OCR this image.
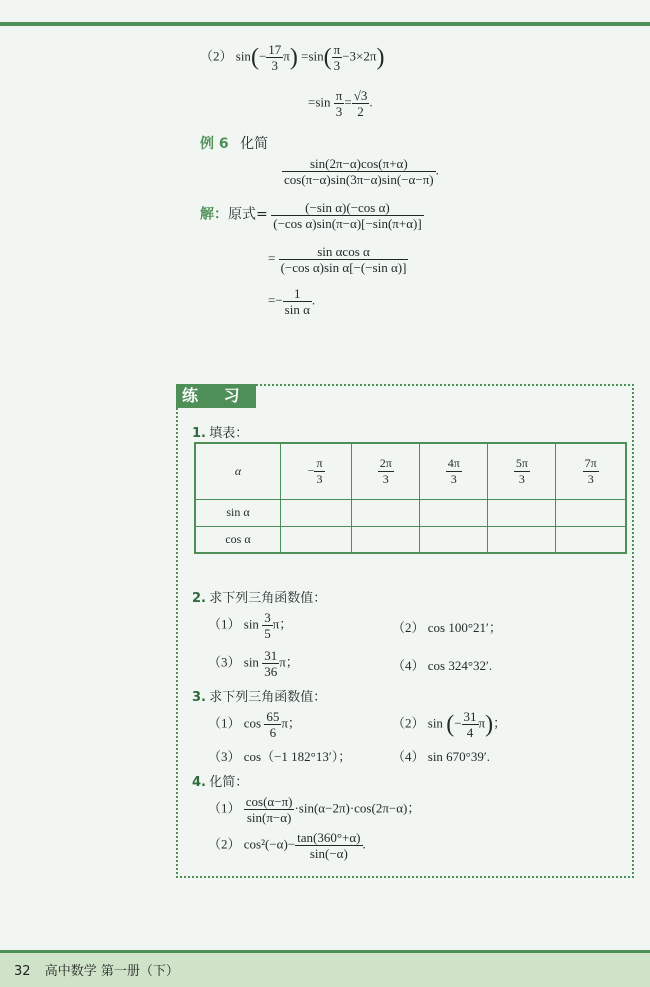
（2） $\sin(- \frac{17}{3} \pi) =\sin( \frac{\pi}{3} -3\times 2\pi)$
$=\sin \frac{\pi}{3} = \frac{√3}{2}$ .
例 6 化简
$\frac{\sin(2\pi-\alpha)\cos(\pi+\alpha)}{\cos(\pi-\alpha)\sin(3\pi-\alpha)\sin(-\alpha-\pi)}$ .
解：原式= $\frac{\text{(−sin α)(−cos α)}}{\text{(−cos α)sin(π−α)[−sin(π+α)]}}$
= $\frac{\text{sin αcos α}}{\text{(−cos α)sin α[−(−sin α)]}}$
=− $\frac{1}{\text{sin α}}$ .
练 习
1. 填表：
α	− $\frac{\pi}{3}$	$\frac{2\pi}{3}$	$\frac{4\pi}{3}$	$\frac{5\pi}{3}$	$\frac{7\pi}{3}$

sin α					
cos α					
2. 求下列三角函数值：
（1） $\sin \frac{3}{5}$ π；	（2） cos 100°21′；
（3） $\sin \frac{31}{36}$ π；	（4） cos 324°32′.
3. 求下列三角函数值：
（1） $\cos \frac{65}{6}$ π；	（2） sin (− $\frac{31}{4} \pi$)；
（3） cos（−1 182°13′）；	（4） sin 670°39′.
4. 化简：
$(1) \frac{\cos(\alpha-\pi)}{\sin(\pi-\alpha)} \cdot\sin(\alpha-2\pi)\cdot\cos(2\pi-\alpha)$；
（2） $\cos^2(-\alpha)- \frac{\tan(360^\circ+\alpha)}{\sin(-\alpha)}$ .
32 高中数学 第一册（下）
